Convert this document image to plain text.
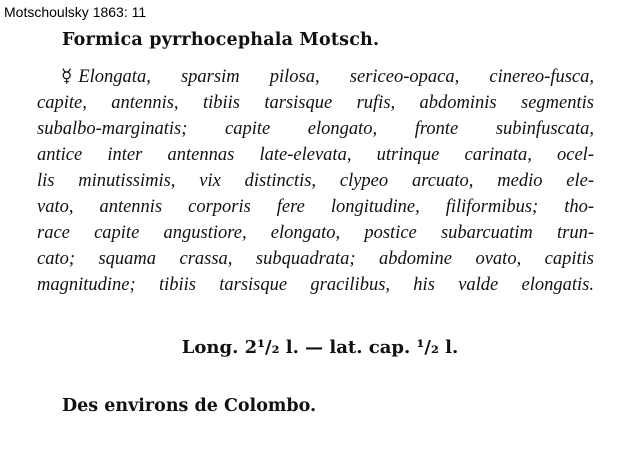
Motschoulsky 1863: 11
Formica pyrrhocephala Motsch.
☿ Elongata, sparsim pilosa, sericeo-opaca, cinereo-fusca,
capite, antennis, tibiis tarsisque rufis, abdominis segmentis
subalbo-marginatis; capite elongato, fronte subinfuscata,
antice inter antennas late-elevata, utrinque carinata, ocel-
lis minutissimis, vix distinctis, clypeo arcuato, medio ele-
vato, antennis corporis fere longitudine, filiformibus; tho-
race capite angustiore, elongato, postice subarcuatim trun-
cato; squama crassa, subquadrata; abdomine ovato, capitis
magnitudine; tibiis tarsisque gracilibus, his valde elongatis.
Long. 2¹/₂ l. — lat. cap. ¹/₂ l.
Des environs de Colombo.
